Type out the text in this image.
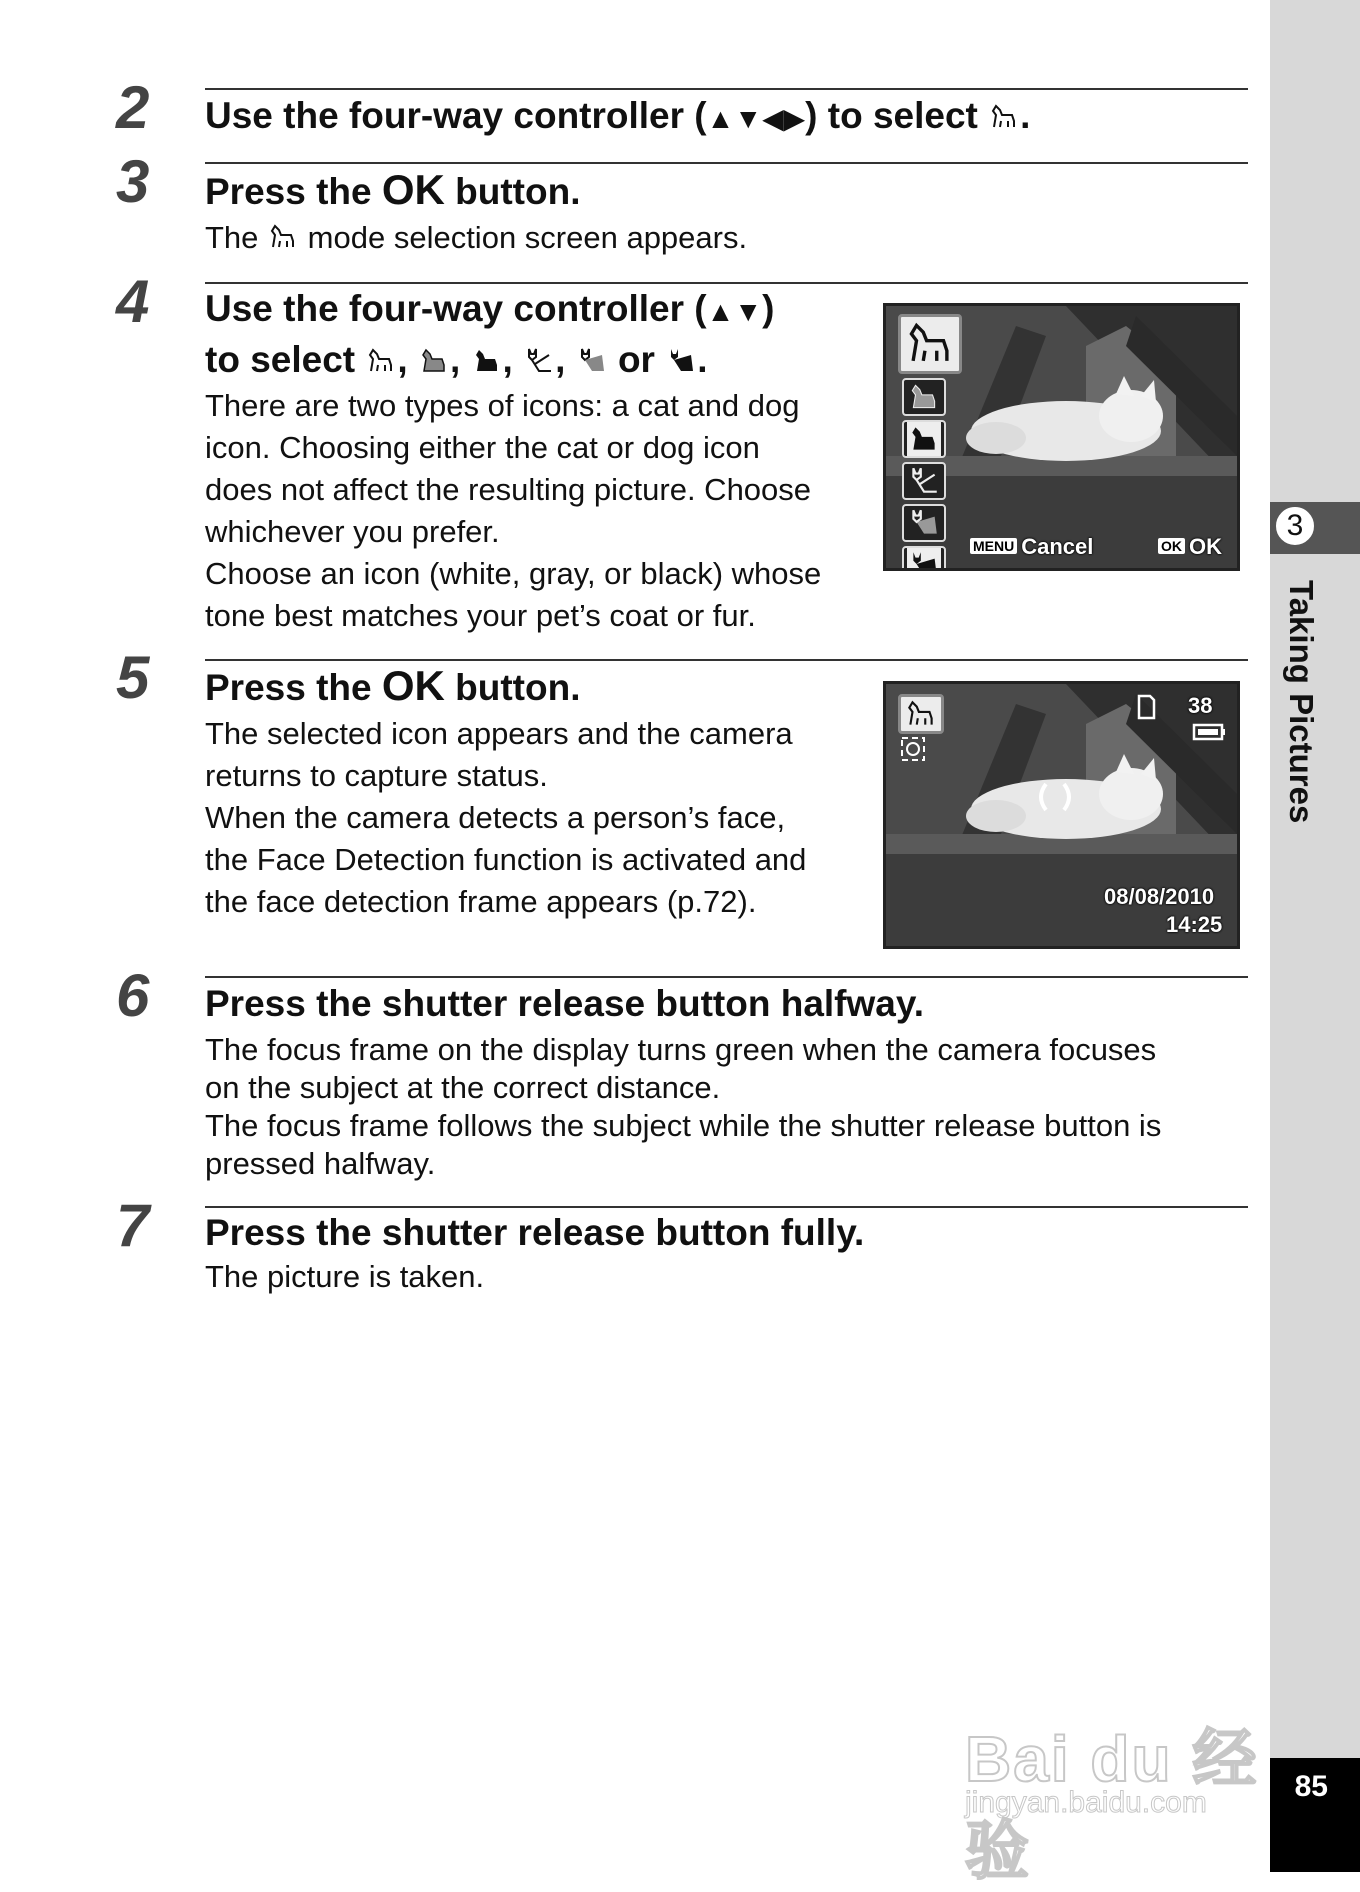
3
Taking Pictures
85
2 Use the four-way controller (▲▼◀▶) to select .
3 Press the OK button.
The mode selection screen appears.
4 Use the four-way controller (▲▼)
to select , , , , or .
There are two types of icons: a cat and dog
icon. Choosing either the cat or dog icon
does not affect the resulting picture. Choose
whichever you prefer.
Choose an icon (white, gray, or black) whose
tone best matches your pet’s coat or fur.
MENU Cancel	OK OK
5 Press the OK button.
The selected icon appears and the camera
returns to capture status.
When the camera detects a person’s face,
the Face Detection function is activated and
the face detection frame appears (p.72).
38
08/08/2010
14:25
6 Press the shutter release button halfway.
The focus frame on the display turns green when the camera focuses
on the subject at the correct distance.
The focus frame follows the subject while the shutter release button is
pressed halfway.
7 Press the shutter release button fully.
The picture is taken.
Bai du 经验
jingyan.baidu.com
